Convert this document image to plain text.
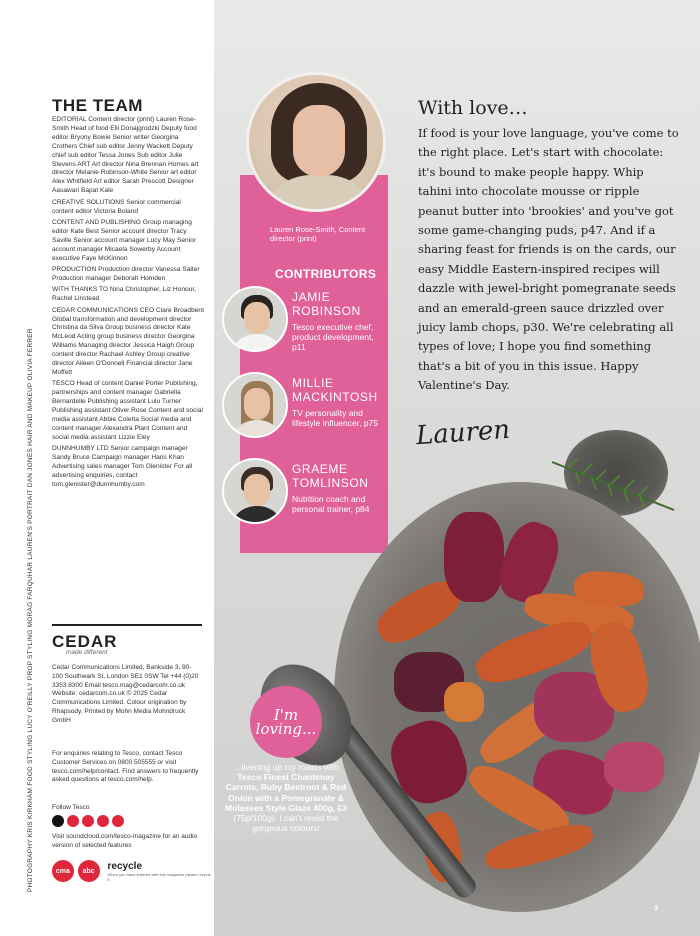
PHOTOGRAPHY KRIS KIRKHAM FOOD STYLING LUCY O'REILLY PROP STYLING MORAG FARQUHAR LAUREN'S PORTRAIT DAN JONES HAIR AND MAKEUP OLIVIA FERRER
THE TEAM

EDITORIAL Content director (print) Lauren Rose-Smith Head of food Elli Donajgrodzki Deputy food editor Bryony Bowie Senior writer Georgina Crothers Chief sub editor Jenny Wackett Deputy chief sub editor Tessa Jones Sub editor Julie Stevens ART Art director Nina Brennan Homes art director Melanie Robinson-White Senior art editor Alex Whitfield Art editor Sarah Prescott Designer Aasawari Bapat Kale

CREATIVE SOLUTIONS Senior commercial content editor Victoria Boland

CONTENT AND PUBLISHING Group managing editor Kate Best Senior account director Tracy Saville Senior account manager Lucy May Senior account manager Micaela Sowerby Account executive Faye McKinnon

PRODUCTION Production director Vanessa Salter Production manager Deborah Homden

WITH THANKS TO Nina Christopher, Liz Honour, Rachel Linstead

CEDAR COMMUNICATIONS CEO Clare Broadbent Global transformation and development director Christina da Silva Group business director Kate McLeod Acting group business director Georgina Williams Managing director Jessica Haigh Group content director Rachael Ashley Group creative director Aileen O'Donnell Financial director Jane Moffett

TESCO Head of content Daniel Porter Publishing, partnerships and content manager Gabriella Bernardelle Publishing assistant Lulu Turner Publishing assistant Oliver Rose Content and social media assistant Abbie Coletta Social media and content manager Alexandra Plant Content and social media assistant Lizzie Eley

DUNNHUMBY LTD Senior campaign manager Sandy Bruce Campaign manager Haris Khan Advertising sales manager Tom Glenister For all advertising enquiries, contact tom.glenister@dunnhumby.com

CEDAR
made different
Cedar Communications Limited, Bankside 3, 90-100 Southwark St, London SE1 0SW Tel +44 (0)20 3353 8300 Email tesco.mag@cedarcom.co.uk Website: cedarcom.co.uk © 2025 Cedar Communications Limited. Colour origination by Rhapsody. Printed by Mohn Media Mohndruck GmbH
For enquiries relating to Tesco, contact Tesco Customer Services on 0800 505555 or visit tesco.com/help/contact. Find answers to frequently asked questions at tesco.com/help.
Follow Tesco
Visit soundcloud.com/tesco-magazine for an audio version of selected features
cma	abc	recycle
When you have finished with this magazine please recycle it.
Lauren Rose-Smith, Content director (print)
CONTRIBUTORS
JAMIE ROBINSON
Tesco executive chef, product development, p11
MILLIE MACKINTOSH
TV personality and lifestyle influencer, p75
GRAEME TOMLINSON
Nutrition coach and personal trainer, p84
With love…
If food is your love language, you've come to the right place. Let's start with chocolate: it's bound to make people happy. Whip tahini into chocolate mousse or ripple peanut butter into 'brookies' and you've got some game-changing puds, p47. And if a sharing feast for friends is on the cards, our easy Middle Eastern-inspired recipes will dazzle with jewel-bright pomegranate seeds and an emerald-green sauce drizzled over juicy lamb chops, p30. We're celebrating all types of love; I hope you find something that's a bit of you in this issue. Happy Valentine's Day.
Lauren
I'm loving...
…livening up my roasts with Tesco Finest Chantenay Carrots, Ruby Beetroot & Red Onion with a Pomegranate & Molasses Style Glaze 400g, £3 (75p/100g). I can't resist the gorgeous colours!
3
